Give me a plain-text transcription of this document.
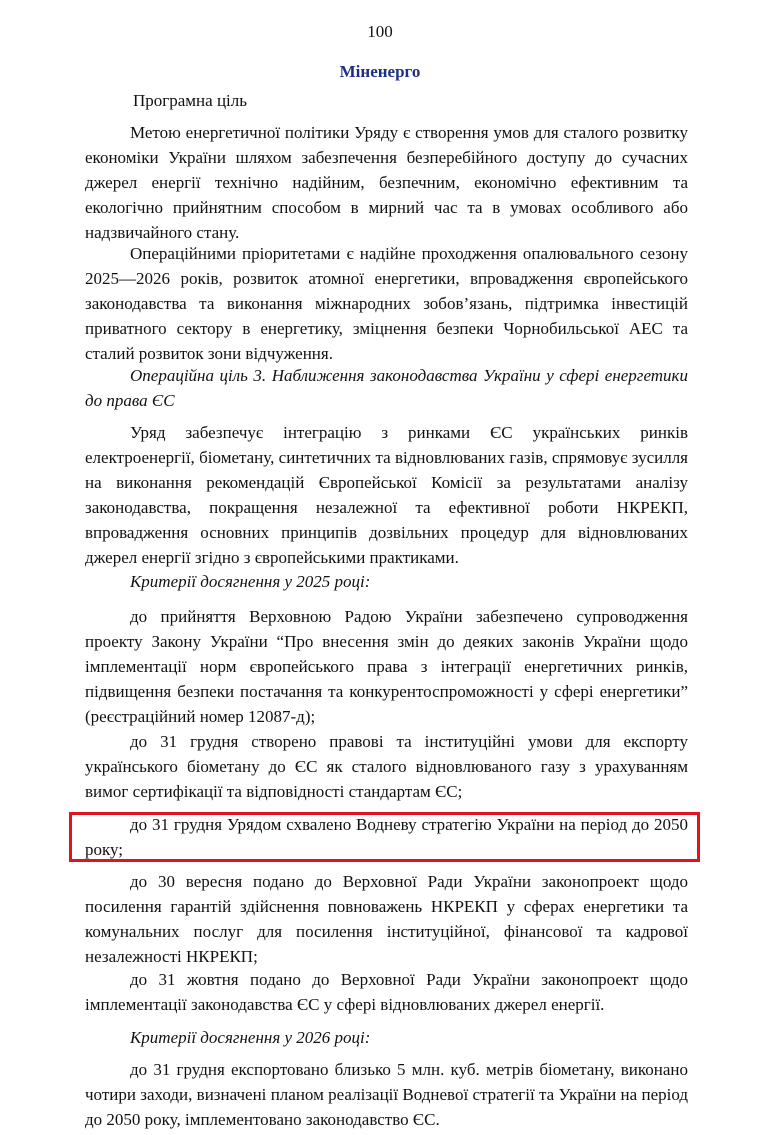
100
Міненерго

Програмна ціль

Метою енергетичної політики Уряду є створення умов для сталого розвитку економіки України шляхом забезпечення безперебійного доступу до сучасних джерел енергії технічно надійним, безпечним, економічно ефективним та екологічно прийнятним способом в мирний час та в умовах особливого або надзвичайного стану.

Операційними пріоритетами є надійне проходження опалювального сезону 2025—2026 років, розвиток атомної енергетики, впровадження європейського законодавства та виконання міжнародних зобов’язань, підтримка інвестицій приватного сектору в енергетику, зміцнення безпеки Чорнобильської АЕС та сталий розвиток зони відчуження.

Операційна ціль 3. Наближення законодавства України у сфері енергетики до права ЄС

Уряд забезпечує інтеграцію з ринками ЄС українських ринків електроенергії, біометану, синтетичних та відновлюваних газів, спрямовує зусилля на виконання рекомендацій Європейської Комісії за результатами аналізу законодавства, покращення незалежної та ефективної роботи НКРЕКП, впровадження основних принципів дозвільних процедур для відновлюваних джерел енергії згідно з європейськими практиками.

Критерії досягнення у 2025 році:

до прийняття Верховною Радою України забезпечено супроводження проекту Закону України “Про внесення змін до деяких законів України щодо імплементації норм європейського права з інтеграції енергетичних ринків, підвищення безпеки постачання та конкурентоспроможності у сфері енергетики” (реєстраційний номер 12087-д);

до 31 грудня створено правові та інституційні умови для експорту українського біометану до ЄС як сталого відновлюваного газу з урахуванням вимог сертифікації та відповідності стандартам ЄС;

до 31 грудня Урядом схвалено Водневу стратегію України на період до 2050 року;

до 30 вересня подано до Верховної Ради України законопроект щодо посилення гарантій здійснення повноважень НКРЕКП у сферах енергетики та комунальних послуг для посилення інституційної, фінансової та кадрової незалежності НКРЕКП;

до 31 жовтня подано до Верховної Ради України законопроект щодо імплементації законодавства ЄС у сфері відновлюваних джерел енергії.

Критерії досягнення у 2026 році:

до 31 грудня експортовано близько 5 млн. куб. метрів біометану, виконано чотири заходи, визначені планом реалізації Водневої стратегії та України на період до 2050 року, імплементовано законодавство ЄС.
